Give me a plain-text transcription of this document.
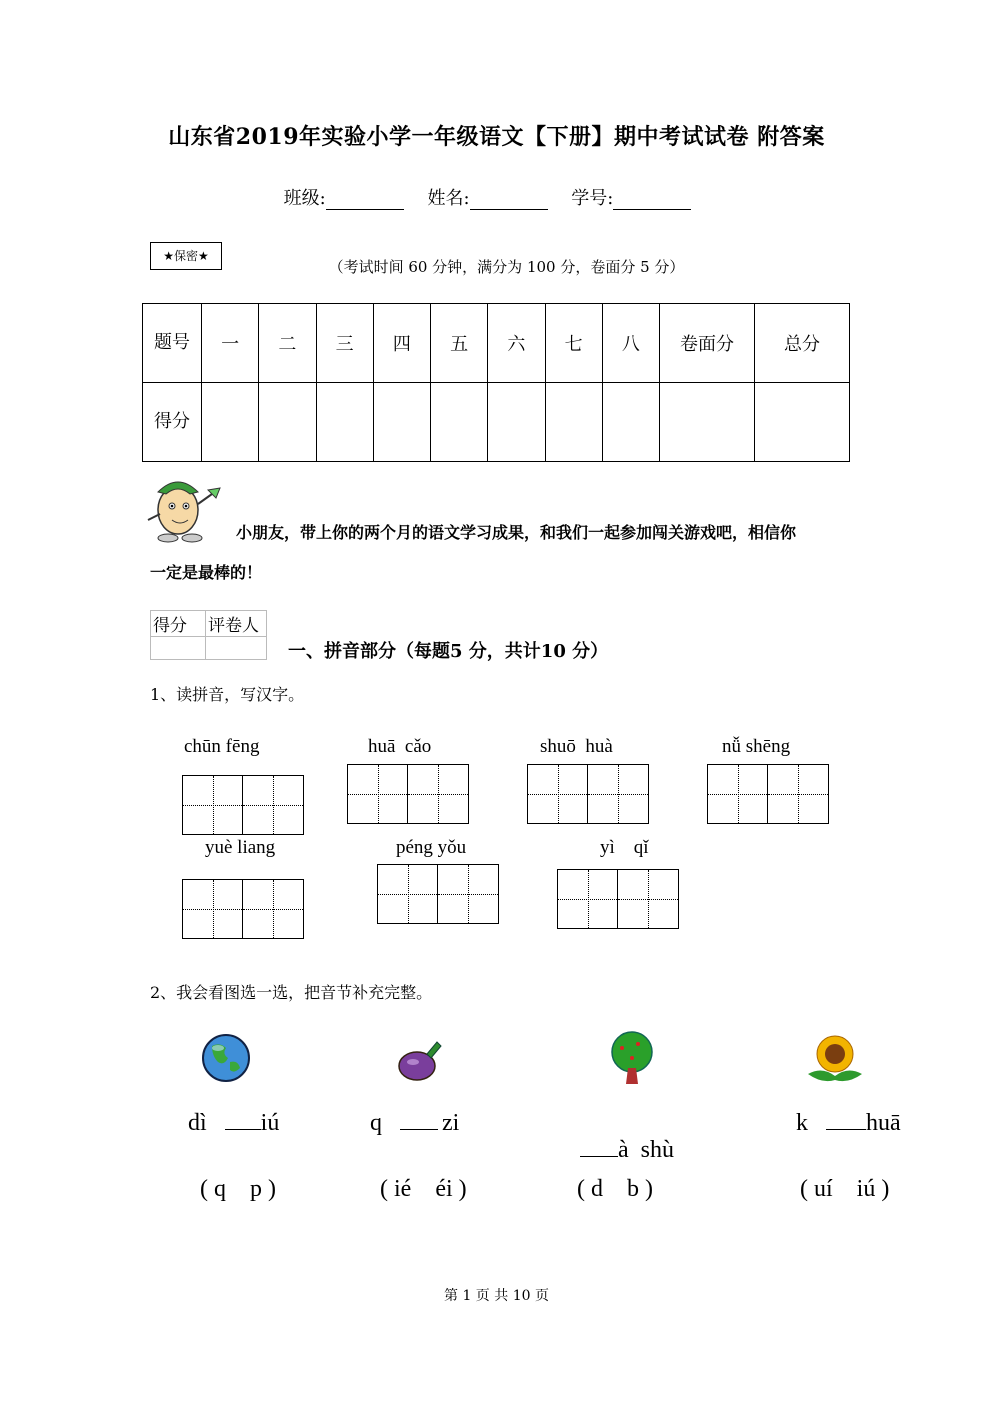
山东省2019年实验小学一年级语文【下册】期中考试试卷 附答案
班级:	姓名:	学号:
★保密★
（考试时间 60 分钟，满分为 100 分，卷面分 5 分）
题号	一	二	三	四	五	六	七	八	卷面分	总分
得分										
小朋友，带上你的两个月的语文学习成果，和我们一起参加闯关游戏吧，相信你
一定是最棒的！
得分	评卷人

一、拼音部分（每题5 分，共计10 分）
1、读拼音，写汉字。
chūn fēng	huā  cǎo	shuō  huà	nǚ shēng
yuè liang	péng yǒu	yì    qǐ
2、我会看图选一选，把音节补充完整。
dì iú	q	zi

à  shù

k huā
( q    p )	( ié    éi )	( d    b )	( uí    iú )
第 1 页 共 10 页
